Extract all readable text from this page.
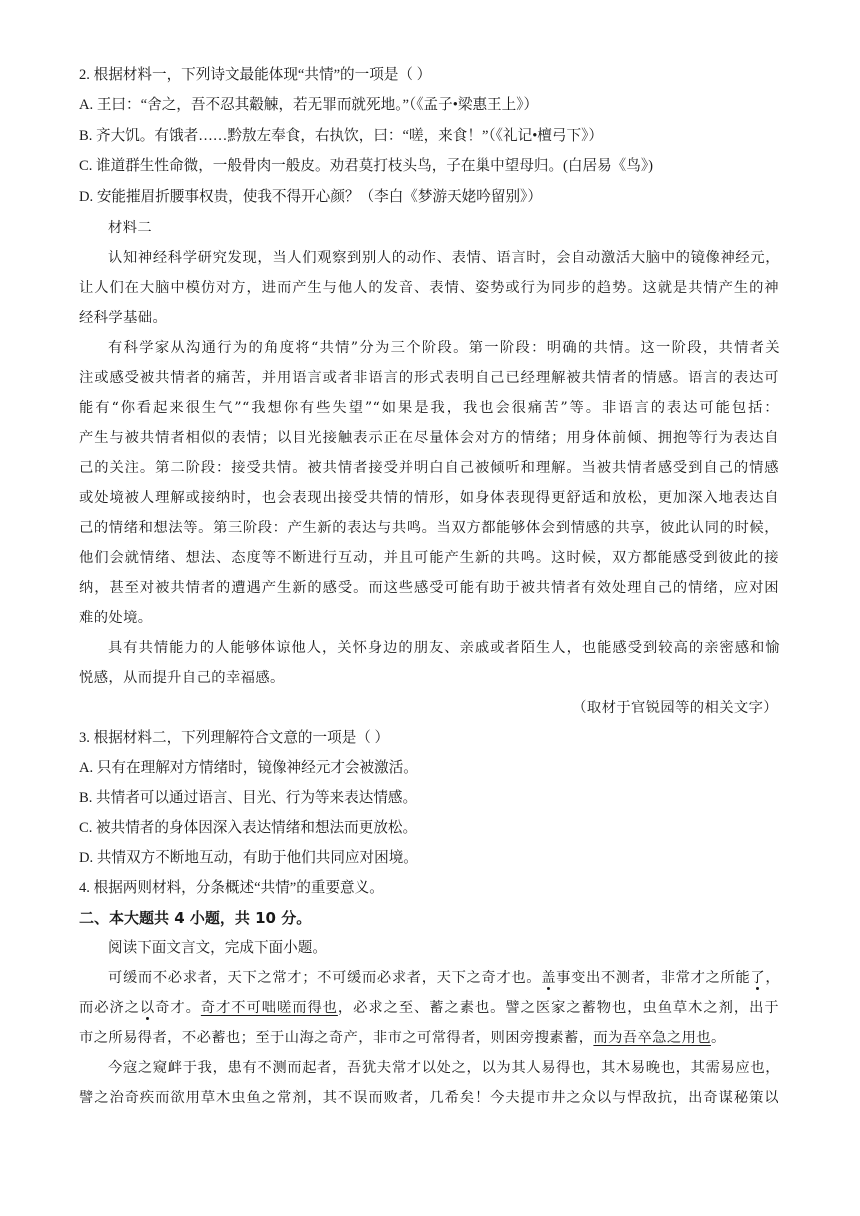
2. 根据材料一，下列诗文最能体现“共情”的一项是（ ）
A. 王曰：“舍之，吾不忍其觳觫，若无罪而就死地。”（《孟子•梁惠王上》）
B. 齐大饥。有饿者……黔敖左奉食，右执饮，曰：“嗟，来食！”（《礼记•檀弓下》）
C. 谁道群生性命微，一般骨肉一般皮。劝君莫打枝头鸟，子在巢中望母归。(白居易《鸟》)
D. 安能摧眉折腰事权贵，使我不得开心颜？（李白《梦游天姥吟留别》）
材料二
认知神经科学研究发现，当人们观察到别人的动作、表情、语言时，会自动激活大脑中的镜像神经元，
让人们在大脑中模仿对方，进而产生与他人的发音、表情、姿势或行为同步的趋势。这就是共情产生的神
经科学基础。
有科学家从沟通行为的角度将“共情”分为三个阶段。第一阶段：明确的共情。这一阶段，共情者关
注或感受被共情者的痛苦，并用语言或者非语言的形式表明自己已经理解被共情者的情感。语言的表达可
能有“你看起来很生气”“我想你有些失望”“如果是我，我也会很痛苦”等。非语言的表达可能包括：
产生与被共情者相似的表情；以目光接触表示正在尽量体会对方的情绪；用身体前倾、拥抱等行为表达自
己的关注。第二阶段：接受共情。被共情者接受并明白自己被倾听和理解。当被共情者感受到自己的情感
或处境被人理解或接纳时，也会表现出接受共情的情形，如身体表现得更舒适和放松，更加深入地表达自
己的情绪和想法等。第三阶段：产生新的表达与共鸣。当双方都能够体会到情感的共享，彼此认同的时候，
他们会就情绪、想法、态度等不断进行互动，并且可能产生新的共鸣。这时候，双方都能感受到彼此的接
纳，甚至对被共情者的遭遇产生新的感受。而这些感受可能有助于被共情者有效处理自己的情绪，应对困
难的处境。
具有共情能力的人能够体谅他人，关怀身边的朋友、亲戚或者陌生人，也能感受到较高的亲密感和愉
悦感，从而提升自己的幸福感。
（取材于官锐园等的相关文字）
3. 根据材料二，下列理解符合文意的一项是（ ）
A. 只有在理解对方情绪时，镜像神经元才会被激活。
B. 共情者可以通过语言、目光、行为等来表达情感。
C. 被共情者的身体因深入表达情绪和想法而更放松。
D. 共情双方不断地互动，有助于他们共同应对困境。
4. 根据两则材料，分条概述“共情”的重要意义。
二、本大题共 4 小题，共 10 分。
阅读下面文言文，完成下面小题。
可缓而不必求者，天下之常才；不可缓而必求者，天下之奇才也。盖事变出不测者，非常才之所能了，
而必济之以奇才。奇才不可咄嗟而得也，必求之至、蓄之素也。譬之医家之蓄物也，虫鱼草木之剂，出于
市之所易得者，不必蓄也；至于山海之奇产，非市之可常得者，则困旁搜素蓄，而为吾卒急之用也。
今寇之窥衅于我，患有不测而起者，吾犹夫常才以处之，以为其人易得也，其木易晚也，其需易应也，
譬之治奇疾而欲用草木虫鱼之常剂，其不误而败者，几希矣！今夫提市井之众以与悍敌抗，出奇谋秘策以
